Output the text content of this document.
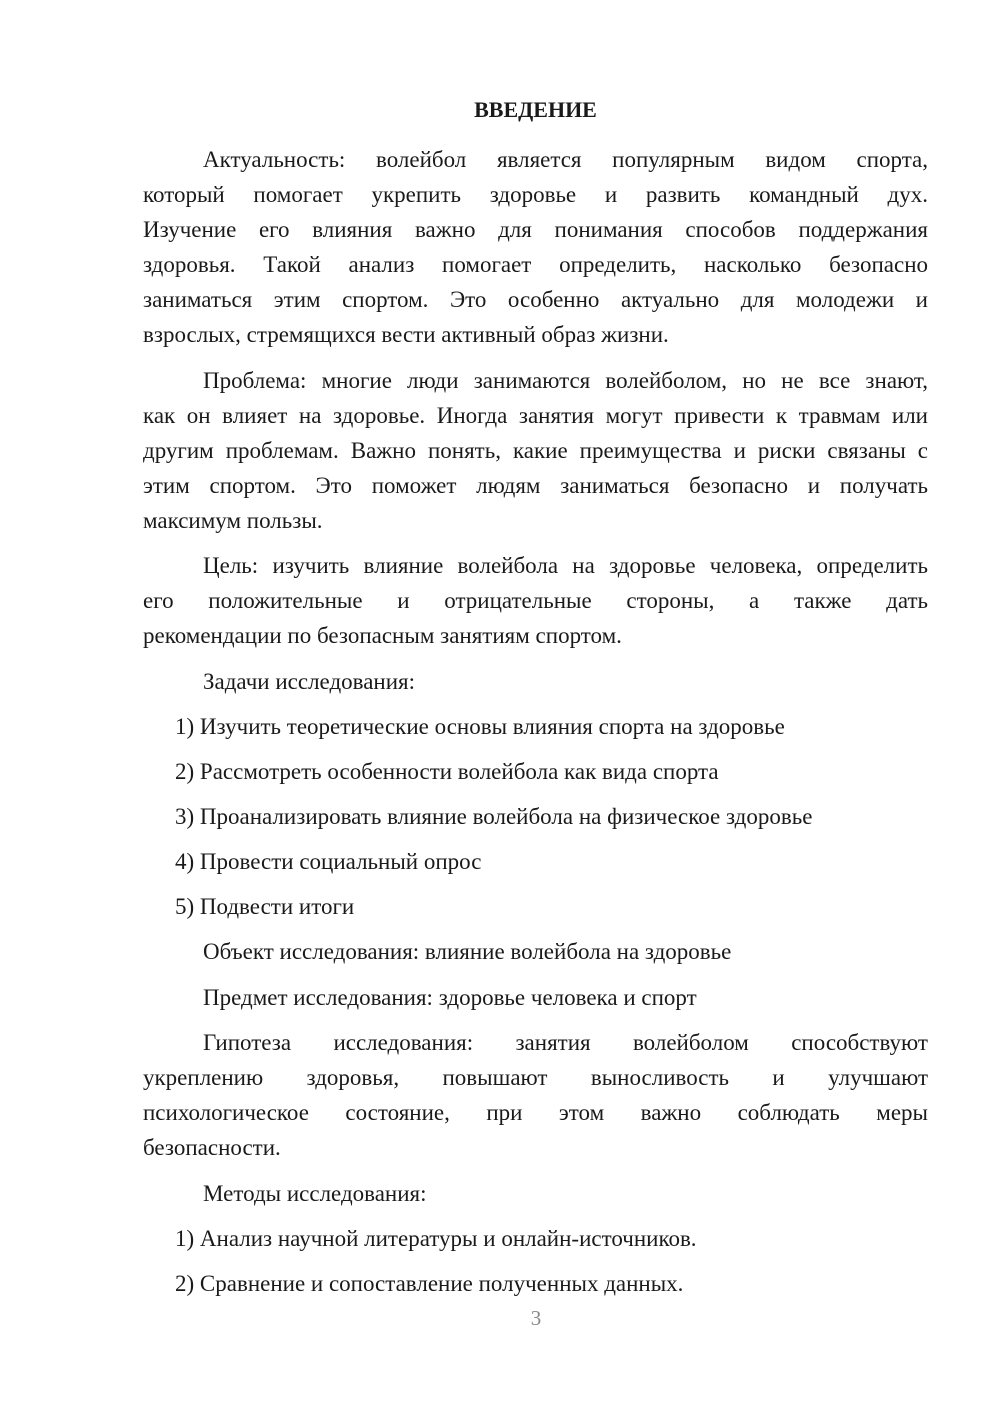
ВВЕДЕНИЕ
Актуальность: волейбол является популярным видом спорта,
который помогает укрепить здоровье и развить командный дух.
Изучение его влияния важно для понимания способов поддержания
здоровья. Такой анализ помогает определить, насколько безопасно
заниматься этим спортом. Это особенно актуально для молодежи и
взрослых, стремящихся вести активный образ жизни.
Проблема: многие люди занимаются волейболом, но не все знают,
как он влияет на здоровье. Иногда занятия могут привести к травмам или
другим проблемам. Важно понять, какие преимущества и риски связаны с
этим спортом. Это поможет людям заниматься безопасно и получать
максимум пользы.
Цель: изучить влияние волейбола на здоровье человека, определить
его положительные и отрицательные стороны, а также дать
рекомендации по безопасным занятиям спортом.
Задачи исследования:
1) Изучить теоретические основы влияния спорта на здоровье
2) Рассмотреть особенности волейбола как вида спорта
3) Проанализировать влияние волейбола на физическое здоровье
4) Провести социальный опрос
5) Подвести итоги
Объект исследования: влияние волейбола на здоровье
Предмет исследования: здоровье человека и спорт
Гипотеза исследования: занятия волейболом способствуют
укреплению здоровья, повышают выносливость и улучшают
психологическое состояние, при этом важно соблюдать меры
безопасности.
Методы исследования:
1) Анализ научной литературы и онлайн-источников.
2) Сравнение и сопоставление полученных данных.
3
